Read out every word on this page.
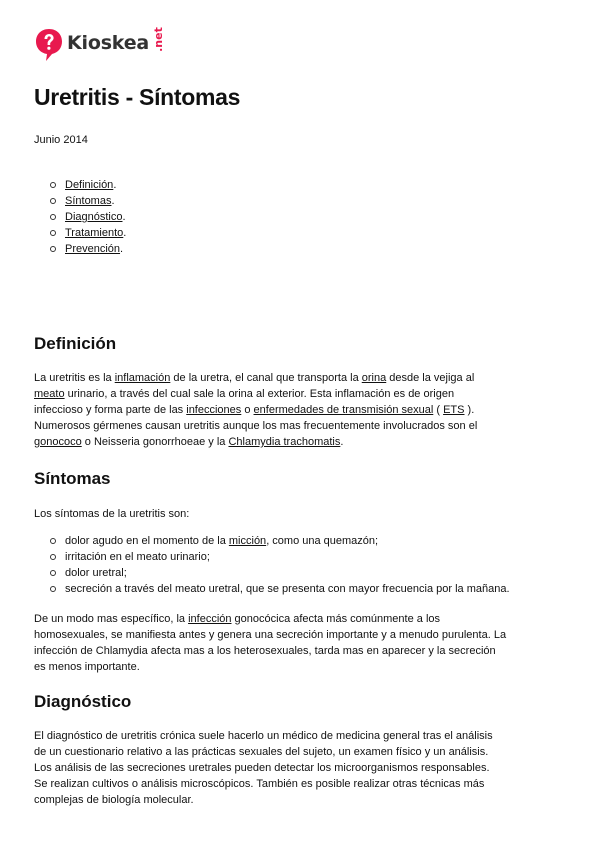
Kioskea .net
Uretritis - Síntomas
Junio 2014
Definición.
Síntomas.
Diagnóstico.
Tratamiento.
Prevención.
Definición

La uretritis es la inflamación de la uretra, el canal que transporta la orina desde la vejiga al
meato urinario, a través del cual sale la orina al exterior. Esta inflamación es de origen
infeccioso y forma parte de las infecciones o enfermedades de transmisión sexual ( ETS ).
Numerosos gérmenes causan uretritis aunque los mas frecuentemente involucrados son el
gonococo o Neisseria gonorrhoeae y la Chlamydia trachomatis.

Síntomas

Los síntomas de la uretritis son:

dolor agudo en el momento de la micción, como una quemazón;
irritación en el meato urinario;
dolor uretral;
secreción a través del meato uretral, que se presenta con mayor frecuencia por la mañana.

De un modo mas específico, la infección gonocócica afecta más comúnmente a los
homosexuales, se manifiesta antes y genera una secreción importante y a menudo purulenta. La
infección de Chlamydia afecta mas a los heterosexuales, tarda mas en aparecer y la secreción
es menos importante.

Diagnóstico

El diagnóstico de uretritis crónica suele hacerlo un médico de medicina general tras el análisis
de un cuestionario relativo a las prácticas sexuales del sujeto, un examen físico y un análisis.
Los análisis de las secreciones uretrales pueden detectar los microorganismos responsables.
Se realizan cultivos o análisis microscópicos. También es posible realizar otras técnicas más
complejas de biología molecular.
